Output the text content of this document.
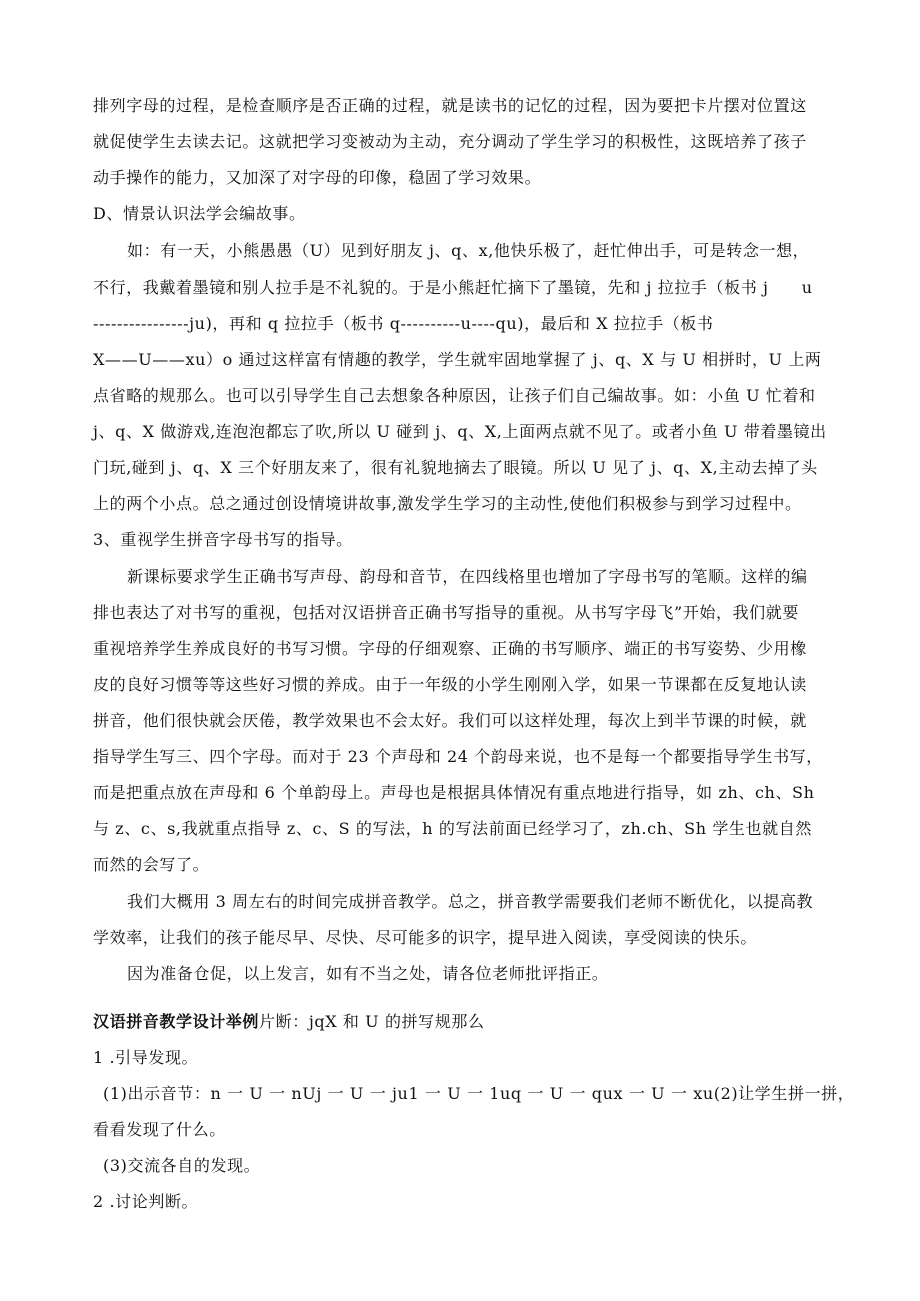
排列字母的过程，是检查顺序是否正确的过程，就是读书的记忆的过程，因为要把卡片摆对位置这
就促使学生去读去记。这就把学习变被动为主动，充分调动了学生学习的积极性，这既培养了孩子
动手操作的能力，又加深了对字母的印像，稳固了学习效果。
D、情景认识法学会编故事。
如：有一天，小熊愚愚（U）见到好朋友 j、q、x,他快乐极了，赶忙伸出手，可是转念一想，
不行，我戴着墨镜和别人拉手是不礼貌的。于是小熊赶忙摘下了墨镜，先和 j 拉拉手（板书 j　　u
----------------ju)，再和 q 拉拉手（板书 q----------u----qu)，最后和 X 拉拉手（板书
X——U——xu）o 通过这样富有情趣的教学，学生就牢固地掌握了 j、q、X 与 U 相拼时，U 上两
点省略的规那么。也可以引导学生自己去想象各种原因，让孩子们自己编故事。如：小鱼 U 忙着和
j、q、X 做游戏,连泡泡都忘了吹,所以 U 碰到 j、q、X,上面两点就不见了。或者小鱼 U 带着墨镜出
门玩,碰到 j、q、X 三个好朋友来了，很有礼貌地摘去了眼镜。所以 U 见了 j、q、X,主动去掉了头
上的两个小点。总之通过创设情境讲故事,激发学生学习的主动性,使他们积极参与到学习过程中。
3、重视学生拼音字母书写的指导。
新课标要求学生正确书写声母、韵母和音节，在四线格里也增加了字母书写的笔顺。这样的编
排也表达了对书写的重视，包括对汉语拼音正确书写指导的重视。从书写字母飞”开始，我们就要
重视培养学生养成良好的书写习惯。字母的仔细观察、正确的书写顺序、端正的书写姿势、少用橡
皮的良好习惯等等这些好习惯的养成。由于一年级的小学生刚刚入学，如果一节课都在反复地认读
拼音，他们很快就会厌倦，教学效果也不会太好。我们可以这样处理，每次上到半节课的时候，就
指导学生写三、四个字母。而对于 23 个声母和 24 个韵母来说，也不是每一个都要指导学生书写，
而是把重点放在声母和 6 个单韵母上。声母也是根据具体情况有重点地进行指导，如 zh、ch、Sh
与 z、c、s,我就重点指导 z、c、S 的写法，h 的写法前面已经学习了，zh.ch、Sh 学生也就自然
而然的会写了。
我们大概用 3 周左右的时间完成拼音教学。总之，拼音教学需要我们老师不断优化，以提高教
学效率，让我们的孩子能尽早、尽快、尽可能多的识字，提早进入阅读，享受阅读的快乐。
因为准备仓促，以上发言，如有不当之处，请各位老师批评指正。
汉语拼音教学设计举例片断：jqX 和 U 的拼写规那么
1 .引导发现。
(1)出示音节：n 一 U 一 nUj 一 U 一 ju1 一 U 一 1uq 一 U 一 qux 一 U 一 xu(2)让学生拼一拼，
看看发现了什么。
(3)交流各自的发现。
2 .讨论判断。
